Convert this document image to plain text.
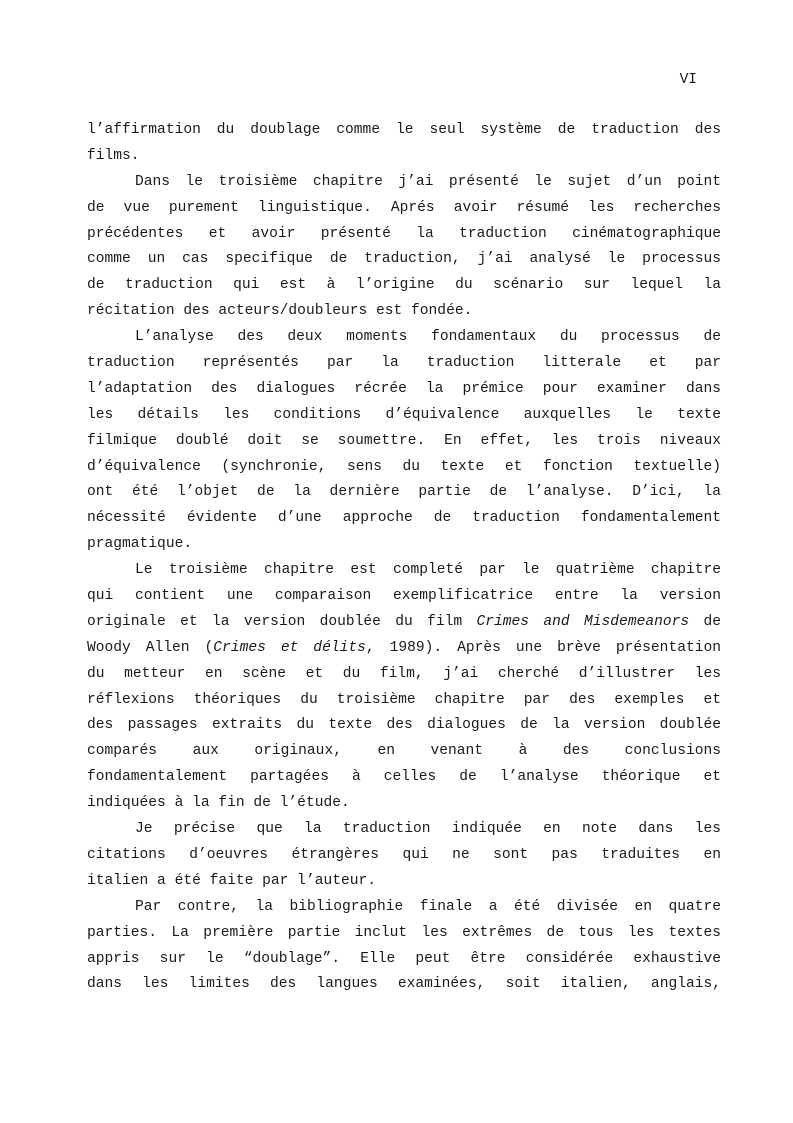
VI

l’affirmation du doublage comme le seul système de traduction des

films.

Dans le troisième chapitre j’ai présenté le sujet d’un point

de vue purement linguistique. Aprés avoir résumé les recherches

précédentes et avoir présenté la traduction cinématographique

comme un cas specifique de traduction, j’ai analysé le processus

de traduction qui est à l’origine du scénario sur lequel la

récitation des acteurs/doubleurs est fondée.

L’analyse des deux moments fondamentaux du processus de

traduction représentés par la traduction litterale et par

l’adaptation des dialogues récrée la prémice pour examiner dans

les détails les conditions d’équivalence auxquelles le texte

filmique doublé doit se soumettre. En effet, les trois niveaux

d’équivalence (synchronie, sens du texte et fonction textuelle)

ont été l’objet de la dernière partie de l’analyse. D’ici, la

nécessité évidente d’une approche de traduction fondamentalement

pragmatique.

Le troisième chapitre est completé par le quatrième chapitre

qui contient une comparaison exemplificatrice entre la version

originale et la version doublée du film Crimes and Misdemeanors de

Woody Allen (Crimes et délits, 1989). Après une brève présentation

du metteur en scène et du film, j’ai cherché d’illustrer les

réflexions théoriques du troisième chapitre par des exemples et

des passages extraits du texte des dialogues de la version doublée

comparés aux originaux, en venant à des conclusions

fondamentalement partagées à celles de l’analyse théorique et

indiquées à la fin de l’étude.

Je précise que la traduction indiquée en note dans les

citations d’oeuvres étrangères qui ne sont pas traduites en

italien a été faite par l’auteur.

Par contre, la bibliographie finale a été divisée en quatre

parties. La première partie inclut les extrêmes de tous les textes

appris sur le “doublage”. Elle peut être considérée exhaustive

dans les limites des langues examinées, soit italien, anglais,
